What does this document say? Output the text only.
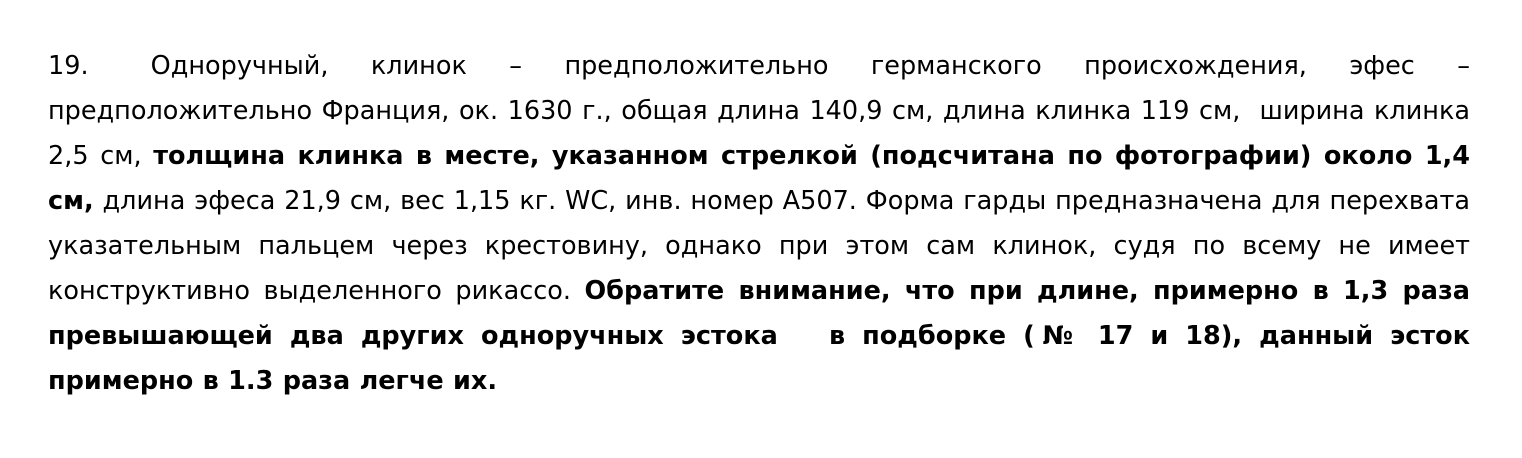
19.	Одноручный, клинок – предположительно германского происхождения, эфес – предположительно Франция, ок. 1630 г., общая длина 140,9 см, длина клинка 119 см,  ширина клинка 2,5 см, толщина клинка в месте, указанном стрелкой (подсчитана по фотографии) около 1,4 см, длина эфеса 21,9 см, вес 1,15 кг. WC, инв. номер А507. Форма гарды предназначена для перехвата указательным пальцем через крестовину, однако при этом сам клинок, судя по всему не имеет конструктивно выделенного рикассо. Обратите внимание, что при длине, примерно в 1,3 раза превышающей два других одноручных эстока   в подборке (№ 17 и 18), данный эсток примерно в 1.3 раза легче их.
